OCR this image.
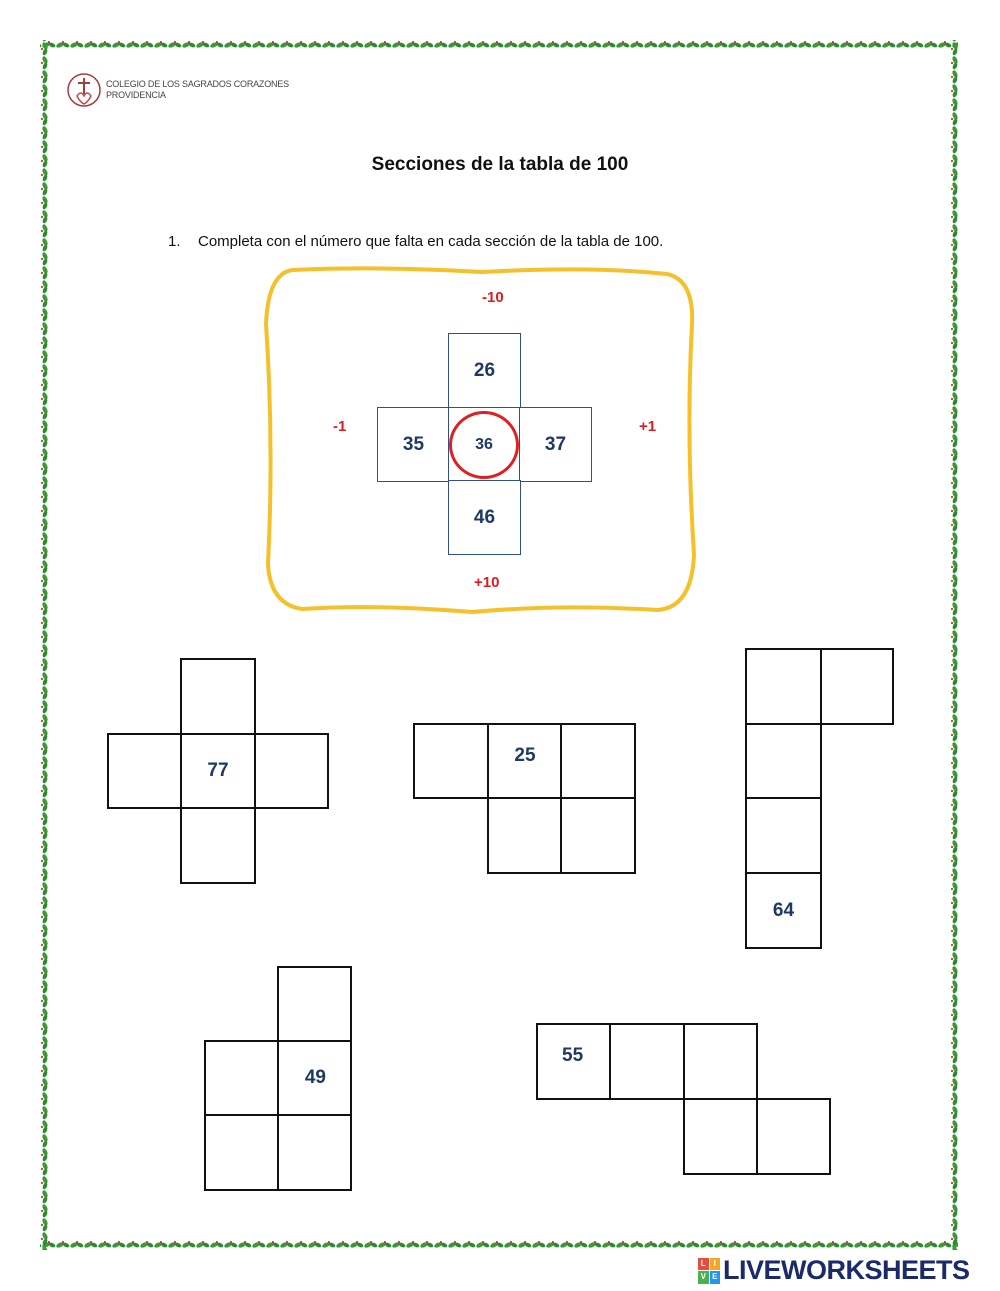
COLEGIO DE LOS SAGRADOS CORAZONES
PROVIDENCIA
Secciones de la tabla de 100
1. Completa con el número que falta en cada sección de la tabla de 100.
-10
-1	+1
+10
26
35	37
46
36
77
25
64
49
55
L I
V E LIVEWORKSHEETS
